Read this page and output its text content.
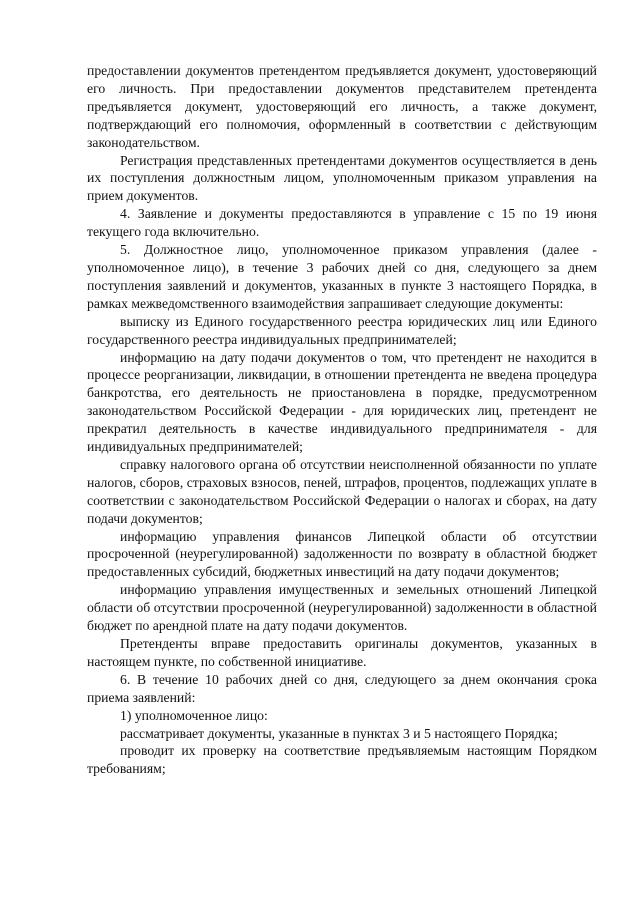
предоставлении документов претендентом предъявляется документ, удостоверяющий его личность. При предоставлении документов представителем претендента предъявляется документ, удостоверяющий его личность, а также документ, подтверждающий его полномочия, оформленный в соответствии с действующим законодательством.

Регистрация представленных претендентами документов осуществляется в день их поступления должностным лицом, уполномоченным приказом управления на прием документов.

4. Заявление и документы предоставляются в управление с 15 по 19 июня текущего года включительно.

5. Должностное лицо, уполномоченное приказом управления (далее - уполномоченное лицо), в течение 3 рабочих дней со дня, следующего за днем поступления заявлений и документов, указанных в пункте 3 настоящего Порядка, в рамках межведомственного взаимодействия запрашивает следующие документы:

выписку из Единого государственного реестра юридических лиц или Единого государственного реестра индивидуальных предпринимателей;

информацию на дату подачи документов о том, что претендент не находится в процессе реорганизации, ликвидации, в отношении претендента не введена процедура банкротства, его деятельность не приостановлена в порядке, предусмотренном законодательством Российской Федерации - для юридических лиц, претендент не прекратил деятельность в качестве индивидуального предпринимателя - для индивидуальных предпринимателей;

справку налогового органа об отсутствии неисполненной обязанности по уплате налогов, сборов, страховых взносов, пеней, штрафов, процентов, подлежащих уплате в соответствии с законодательством Российской Федерации о налогах и сборах, на дату подачи документов;

информацию управления финансов Липецкой области об отсутствии просроченной (неурегулированной) задолженности по возврату в областной бюджет предоставленных субсидий, бюджетных инвестиций на дату подачи документов;

информацию управления имущественных и земельных отношений Липецкой области об отсутствии просроченной (неурегулированной) задолженности в областной бюджет по арендной плате на дату подачи документов.

Претенденты вправе предоставить оригиналы документов, указанных в настоящем пункте, по собственной инициативе.

6. В течение 10 рабочих дней со дня, следующего за днем окончания срока приема заявлений:

1) уполномоченное лицо:

рассматривает документы, указанные в пунктах 3 и 5 настоящего Порядка;

проводит их проверку на соответствие предъявляемым настоящим Порядком требованиям;
